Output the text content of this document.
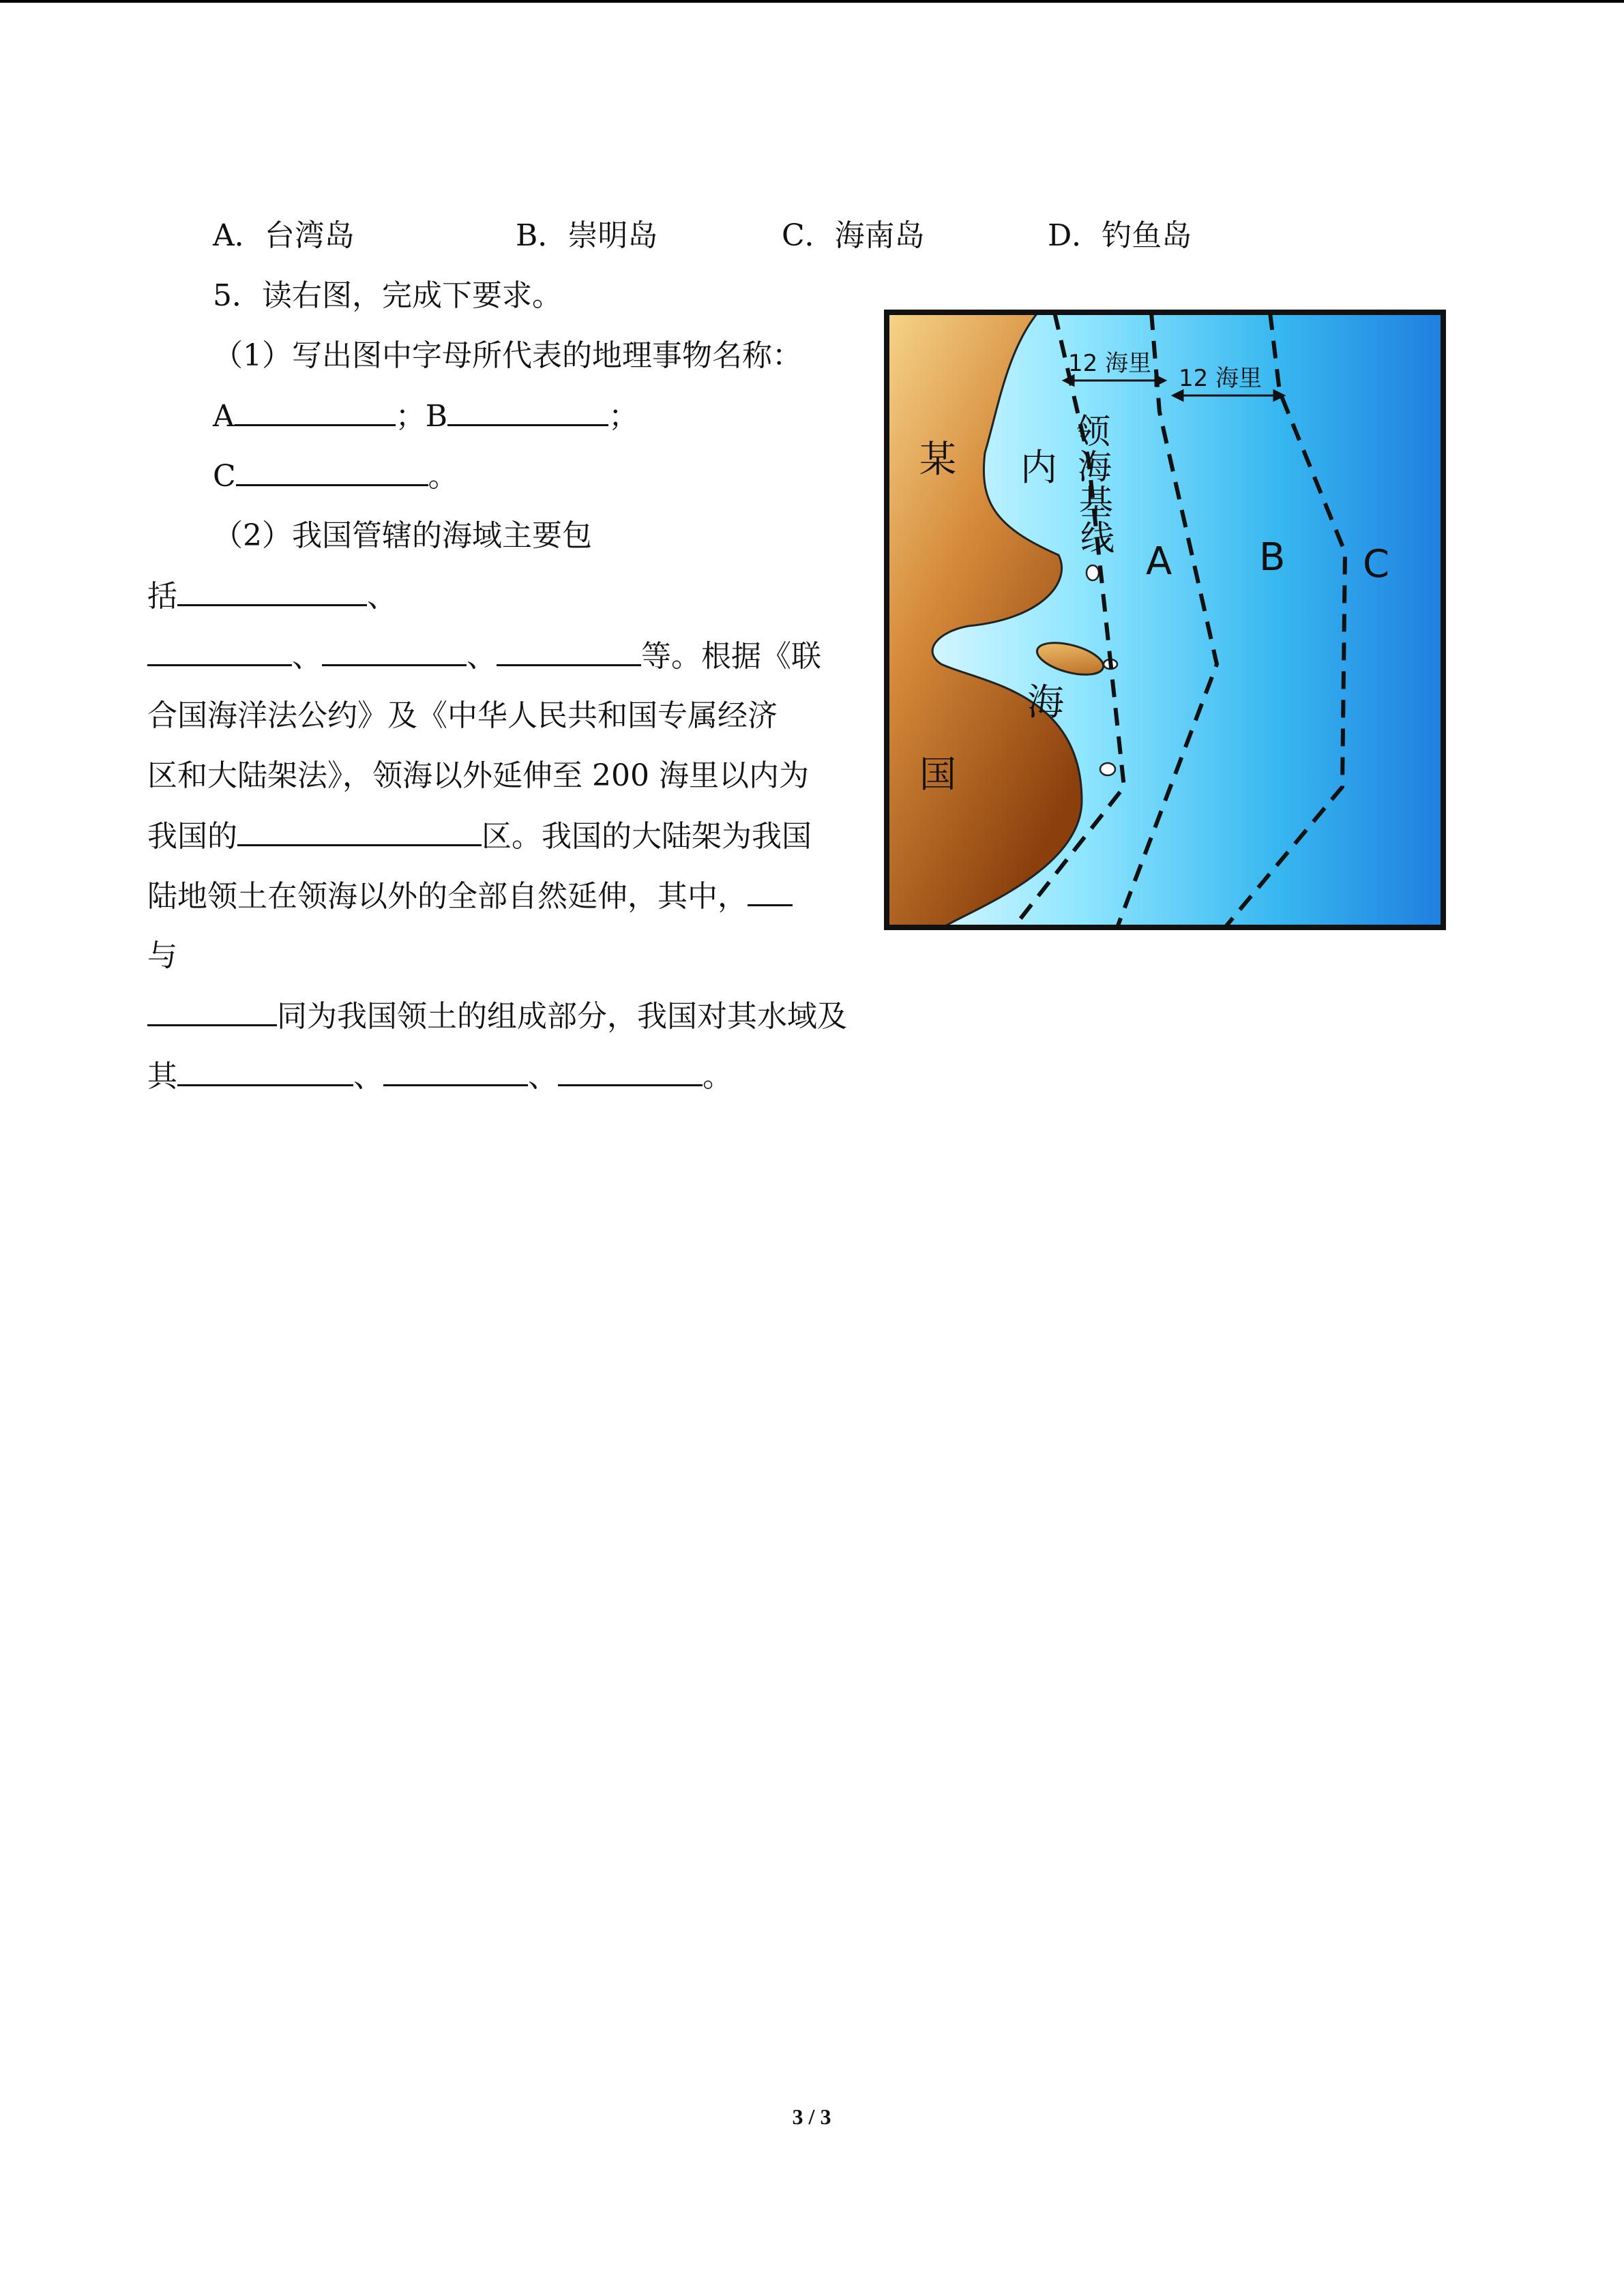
A．台湾岛	B．崇明岛	C．海南岛	D．钓鱼岛
5．读右图，完成下要求。
（1）写出图中字母所代表的地理事物名称：
A	；B	；
C	。
（2）我国管辖的海域主要包
括	、
、	、	等。根据《联
合国海洋法公约》及《中华人民共和国专属经济
区和大陆架法》，领海以外延伸至 200 海里以内为
我国的	区。我国的大陆架为我国
陆地领土在领海以外的全部自然延伸，其中，
与
同为我国领土的组成部分，我国对其水域及
其	、	、	。
12 海里
12 海里
某
国
内
海
领
海
基
线
A B C
3 / 3
